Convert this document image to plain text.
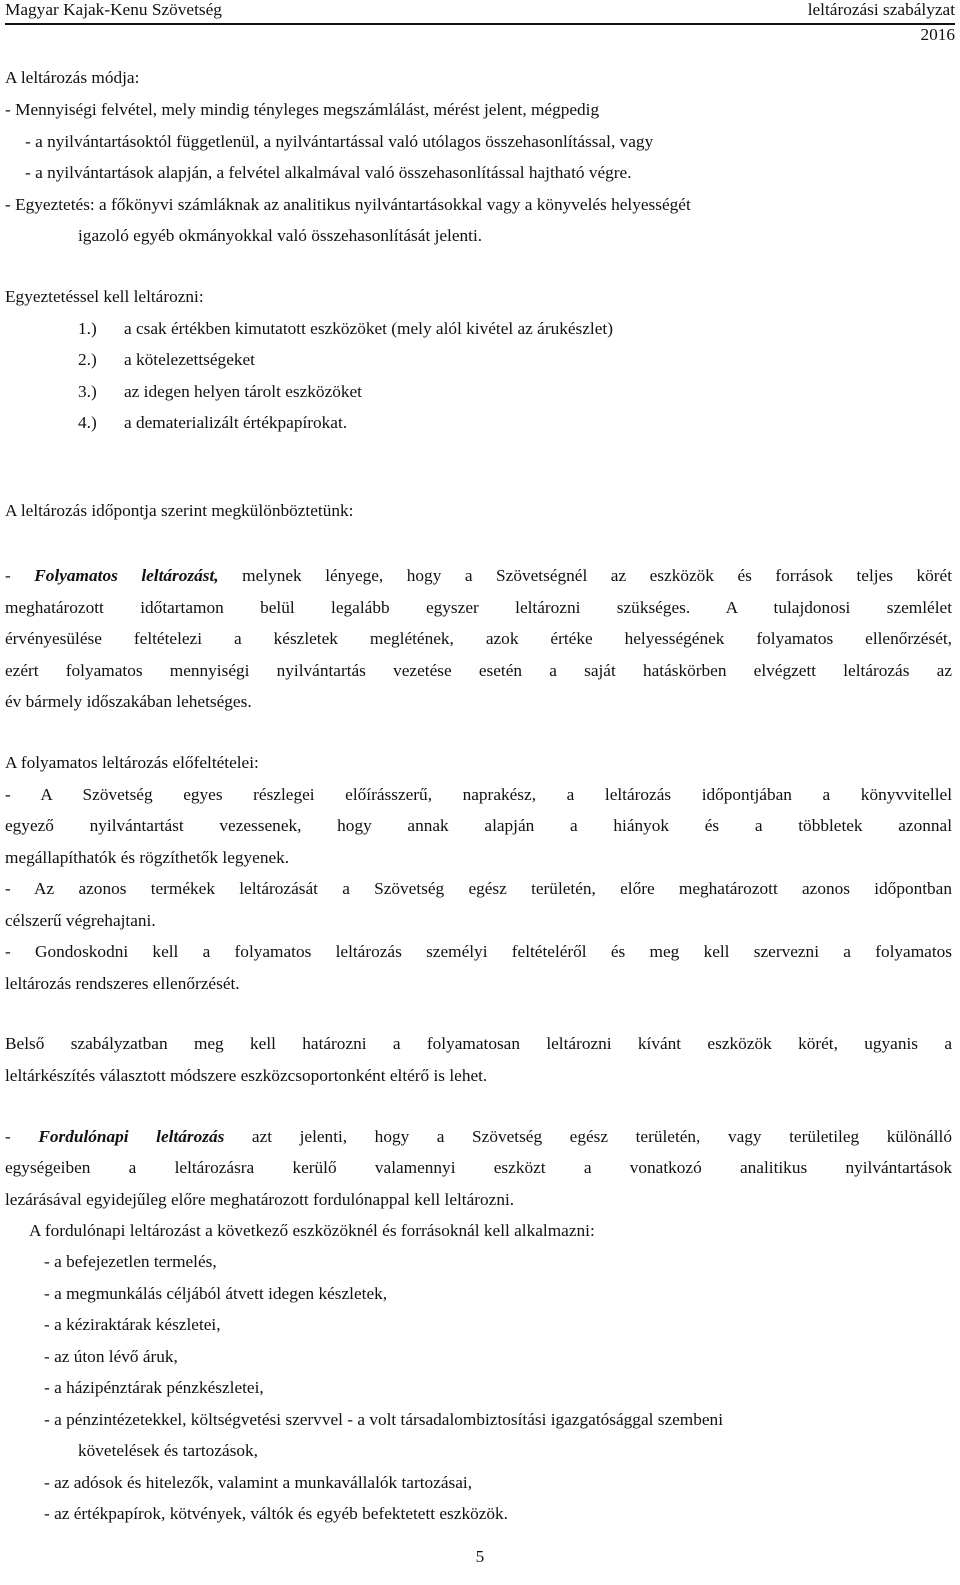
Magyar Kajak-Kenu Szövetség	leltározási szabályzat
2016
A leltározás módja:
- Mennyiségi felvétel, mely mindig tényleges megszámlálást, mérést jelent, mégpedig
- a nyilvántartásoktól függetlenül, a nyilvántartással való utólagos összehasonlítással, vagy
- a nyilvántartások alapján, a felvétel alkalmával való összehasonlítással hajtható végre.
- Egyeztetés: a főkönyvi számláknak az analitikus nyilvántartásokkal vagy a könyvelés helyességét
igazoló egyéb okmányokkal való összehasonlítását jelenti.
Egyeztetéssel kell leltározni:
1.) a csak értékben kimutatott eszközöket (mely alól kivétel az árukészlet)
2.) a kötelezettségeket
3.) az idegen helyen tárolt eszközöket
4.) a dematerializált értékpapírokat.
A leltározás időpontja szerint megkülönböztetünk:
- Folyamatos leltározást, melynek lényege, hogy a Szövetségnél az eszközök és források teljes körét
meghatározott időtartamon belül legalább egyszer leltározni szükséges. A tulajdonosi szemlélet
érvényesülése feltételezi a készletek meglétének, azok értéke helyességének folyamatos ellenőrzését,
ezért folyamatos mennyiségi nyilvántartás vezetése esetén a saját hatáskörben elvégzett leltározás az
év bármely időszakában lehetséges.
A folyamatos leltározás előfeltételei:
- A Szövetség egyes részlegei előírásszerű, naprakész, a leltározás időpontjában a könyvvitellel
egyező nyilvántartást vezessenek, hogy annak alapján a hiányok és a többletek azonnal
megállapíthatók és rögzíthetők legyenek.
- Az azonos termékek leltározását a Szövetség egész területén, előre meghatározott azonos időpontban
célszerű végrehajtani.
- Gondoskodni kell a folyamatos leltározás személyi feltételéről és meg kell szervezni a folyamatos
leltározás rendszeres ellenőrzését.
Belső szabályzatban meg kell határozni a folyamatosan leltározni kívánt eszközök körét, ugyanis a
leltárkészítés választott módszere eszközcsoportonként eltérő is lehet.
- Fordulónapi leltározás azt jelenti, hogy a Szövetség egész területén, vagy területileg különálló
egységeiben a leltározásra kerülő valamennyi eszközt a vonatkozó analitikus nyilvántartások
lezárásával egyidejűleg előre meghatározott fordulónappal kell leltározni.
A fordulónapi leltározást a következő eszközöknél és forrásoknál kell alkalmazni:
- a befejezetlen termelés,
- a megmunkálás céljából átvett idegen készletek,
- a kéziraktárak készletei,
- az úton lévő áruk,
- a házipénztárak pénzkészletei,
- a pénzintézetekkel, költségvetési szervvel - a volt társadalombiztosítási igazgatósággal szembeni
követelések és tartozások,
- az adósok és hitelezők, valamint a munkavállalók tartozásai,
- az értékpapírok, kötvények, váltók és egyéb befektetett eszközök.
5
